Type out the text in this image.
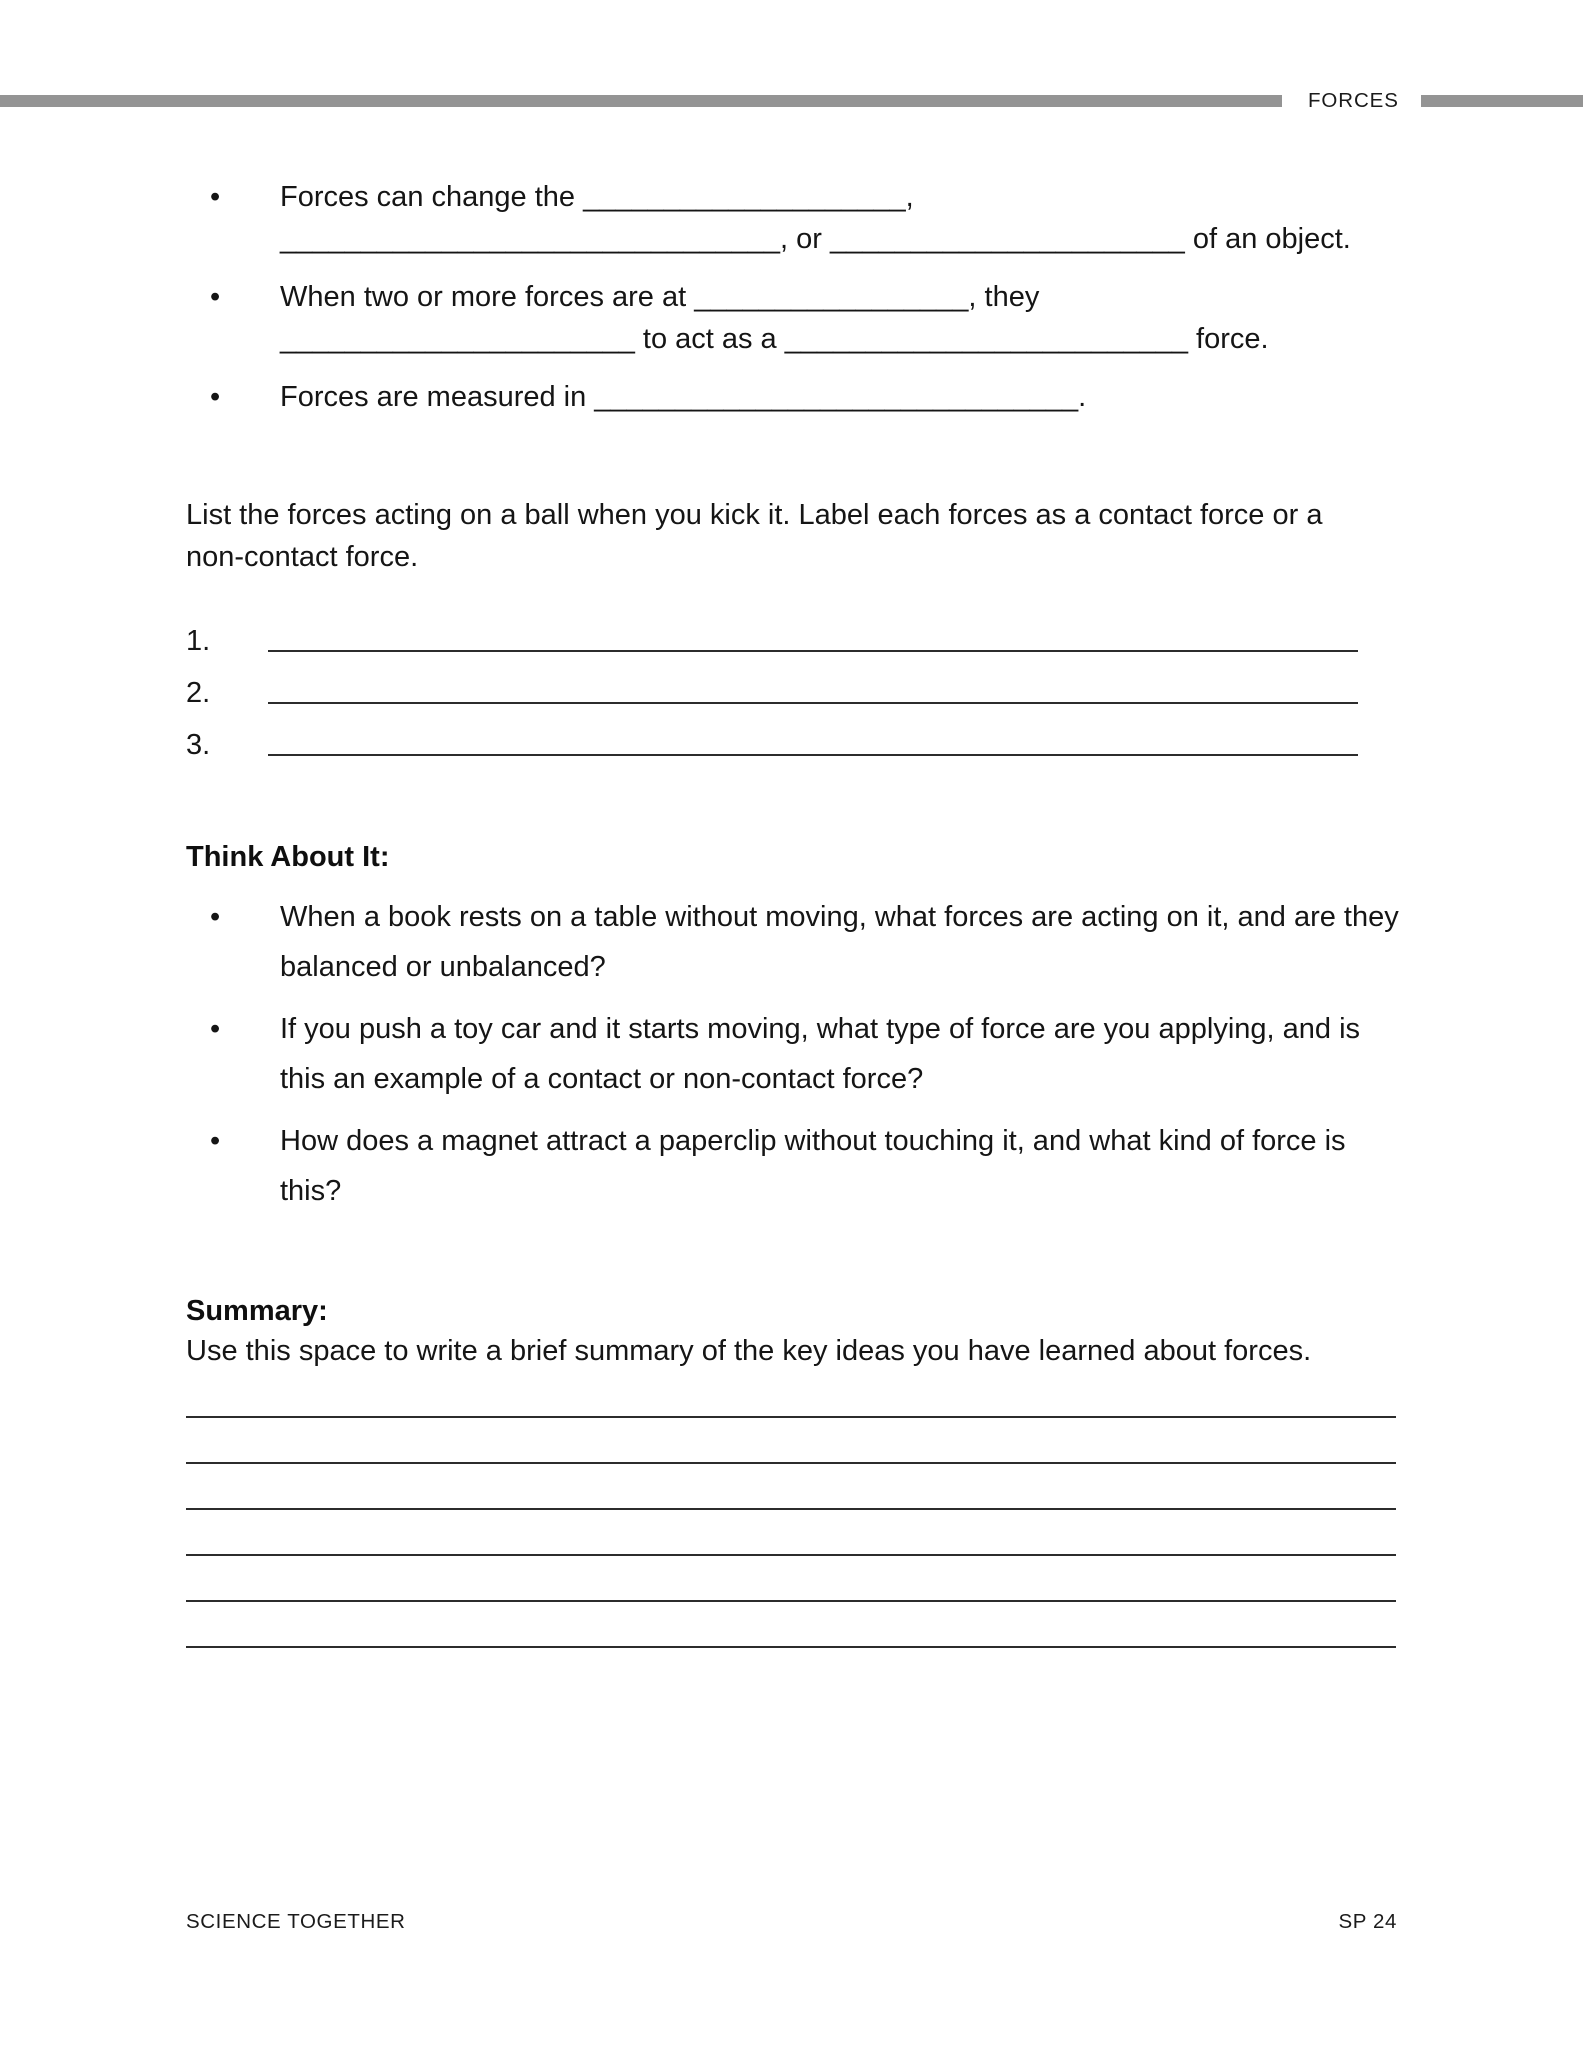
FORCES
• Forces can change the ____________________, _______________________________, or ______________________ of an object.
• When two or more forces are at _________________, they ______________________ to act as a _________________________ force.
• Forces are measured in ______________________________.

List the forces acting on a ball when you kick it. Label each forces as a contact force or a non-contact force.

1.
2.
3.
Think About It:
• When a book rests on a table without moving, what forces are acting on it, and are they balanced or unbalanced?
• If you push a toy car and it starts moving, what type of force are you applying, and is this an example of a contact or non-contact force?
• How does a magnet attract a paperclip without touching it, and what kind of force is this?
Summary:

Use this space to write a brief summary of the key ideas you have learned about forces.

SCIENCE TOGETHER	SP 24
